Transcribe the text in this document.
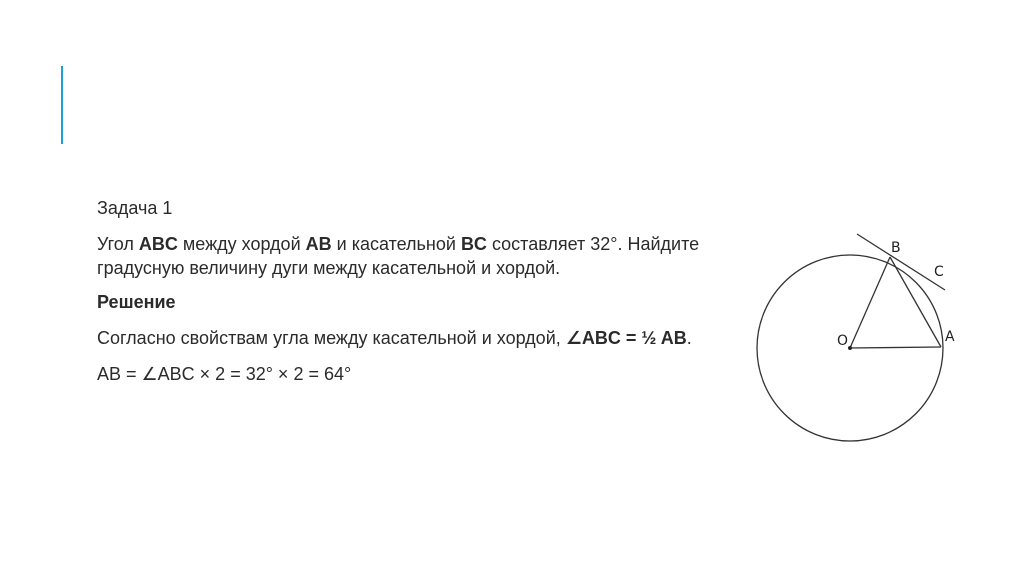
Задача 1

Угол ABC между хордой AB и касательной BC составляет 32°. Найдите градусную величину дуги между касательной и хордой.

Решение

Согласно свойствам угла между касательной и хордой, ∠ABC = ½ AB.

AB = ∠ABC × 2 = 32° × 2 = 64°

B
C
O	A
